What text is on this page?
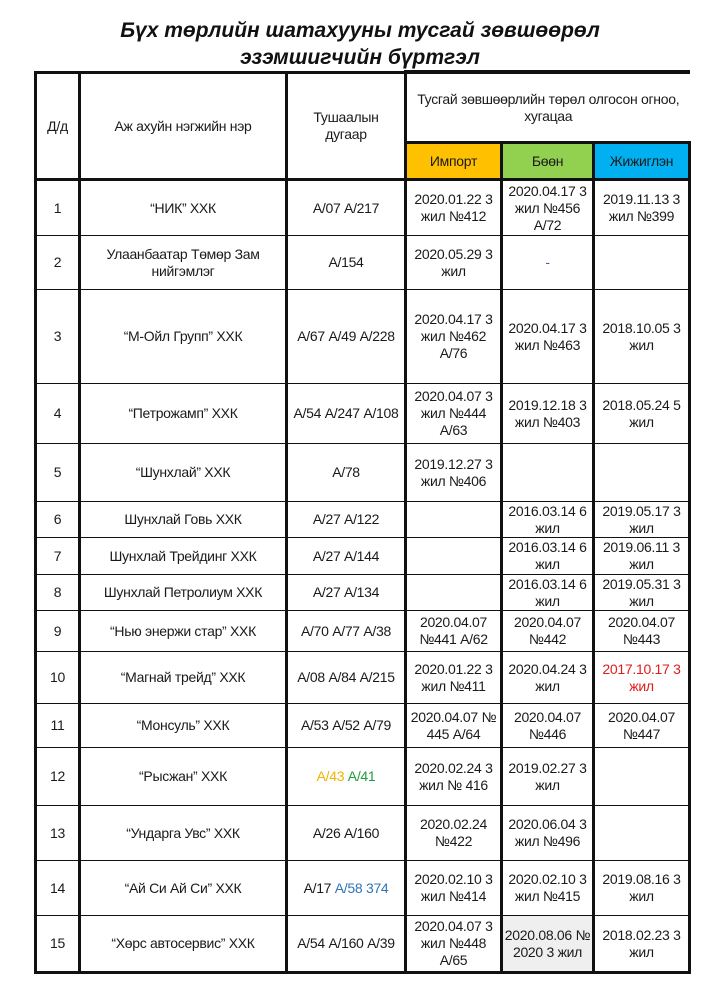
Бүх төрлийн шатахууны тусгай зөвшөөрөл
эзэмшигчийн бүртгэл
Д/д	Аж ахуйн нэгжийн нэр	Тушаалын дугаар	Тусгай зөвшөөрлийн төрөл олгосон огноо, хугацаа		
			Импорт	Бөөн	Жижиглэн
1	“НИК” ХХК	А/07 А/217	2020.01.22 3 жил №412	2020.04.17 3 жил №456 А/72	2019.11.13 3 жил №399
2	Улаанбаатар Төмөр Зам нийгэмлэг	А/154	2020.05.29 3 жил	-	
3	“М-Ойл Групп” ХХК	А/67 А/49 А/228	2020.04.17 3 жил №462 А/76	2020.04.17 3 жил №463	2018.10.05 3 жил
4	“Петрожамп” ХХК	А/54 А/247 А/108	2020.04.07 3 жил №444 А/63	2019.12.18 3 жил №403	2018.05.24 5 жил
5	“Шунхлай” ХХК	А/78	2019.12.27 3 жил №406		
6	Шунхлай Говь ХХК	А/27 А/122		2016.03.14 6 жил	2019.05.17 3 жил
7	Шунхлай Трейдинг ХХК	А/27 А/144		2016.03.14 6 жил	2019.06.11 3 жил
8	Шунхлай Петролиум ХХК	А/27 А/134		2016.03.14 6 жил	2019.05.31 3 жил
9	“Нью энержи стар” ХХК	А/70 А/77 А/38	2020.04.07 №441 А/62	2020.04.07 №442	2020.04.07 №443
10	“Магнай трейд” ХХК	А/08 А/84 А/215	2020.01.22 3 жил №411	2020.04.24 3 жил	2017.10.17 3 жил
11	“Монсуль” ХХК	А/53 А/52 А/79	2020.04.07 № 445 А/64	2020.04.07 №446	2020.04.07 №447
12	“Рысжан” ХХК	А/43 А/41	2020.02.24 3 жил № 416	2019.02.27 3 жил	
13	“Ундарга Увс” ХХК	А/26 А/160	2020.02.24 №422	2020.06.04 3 жил №496	
14	“Ай Си Ай Си” ХХК	А/17 А/58 374	2020.02.10 3 жил №414	2020.02.10 3 жил №415	2019.08.16 3 жил
15	“Хөрс автосервис” ХХК	А/54 А/160 А/39	2020.04.07 3 жил №448 А/65	2020.08.06 № 2020 3 жил	2018.02.23 3 жил
